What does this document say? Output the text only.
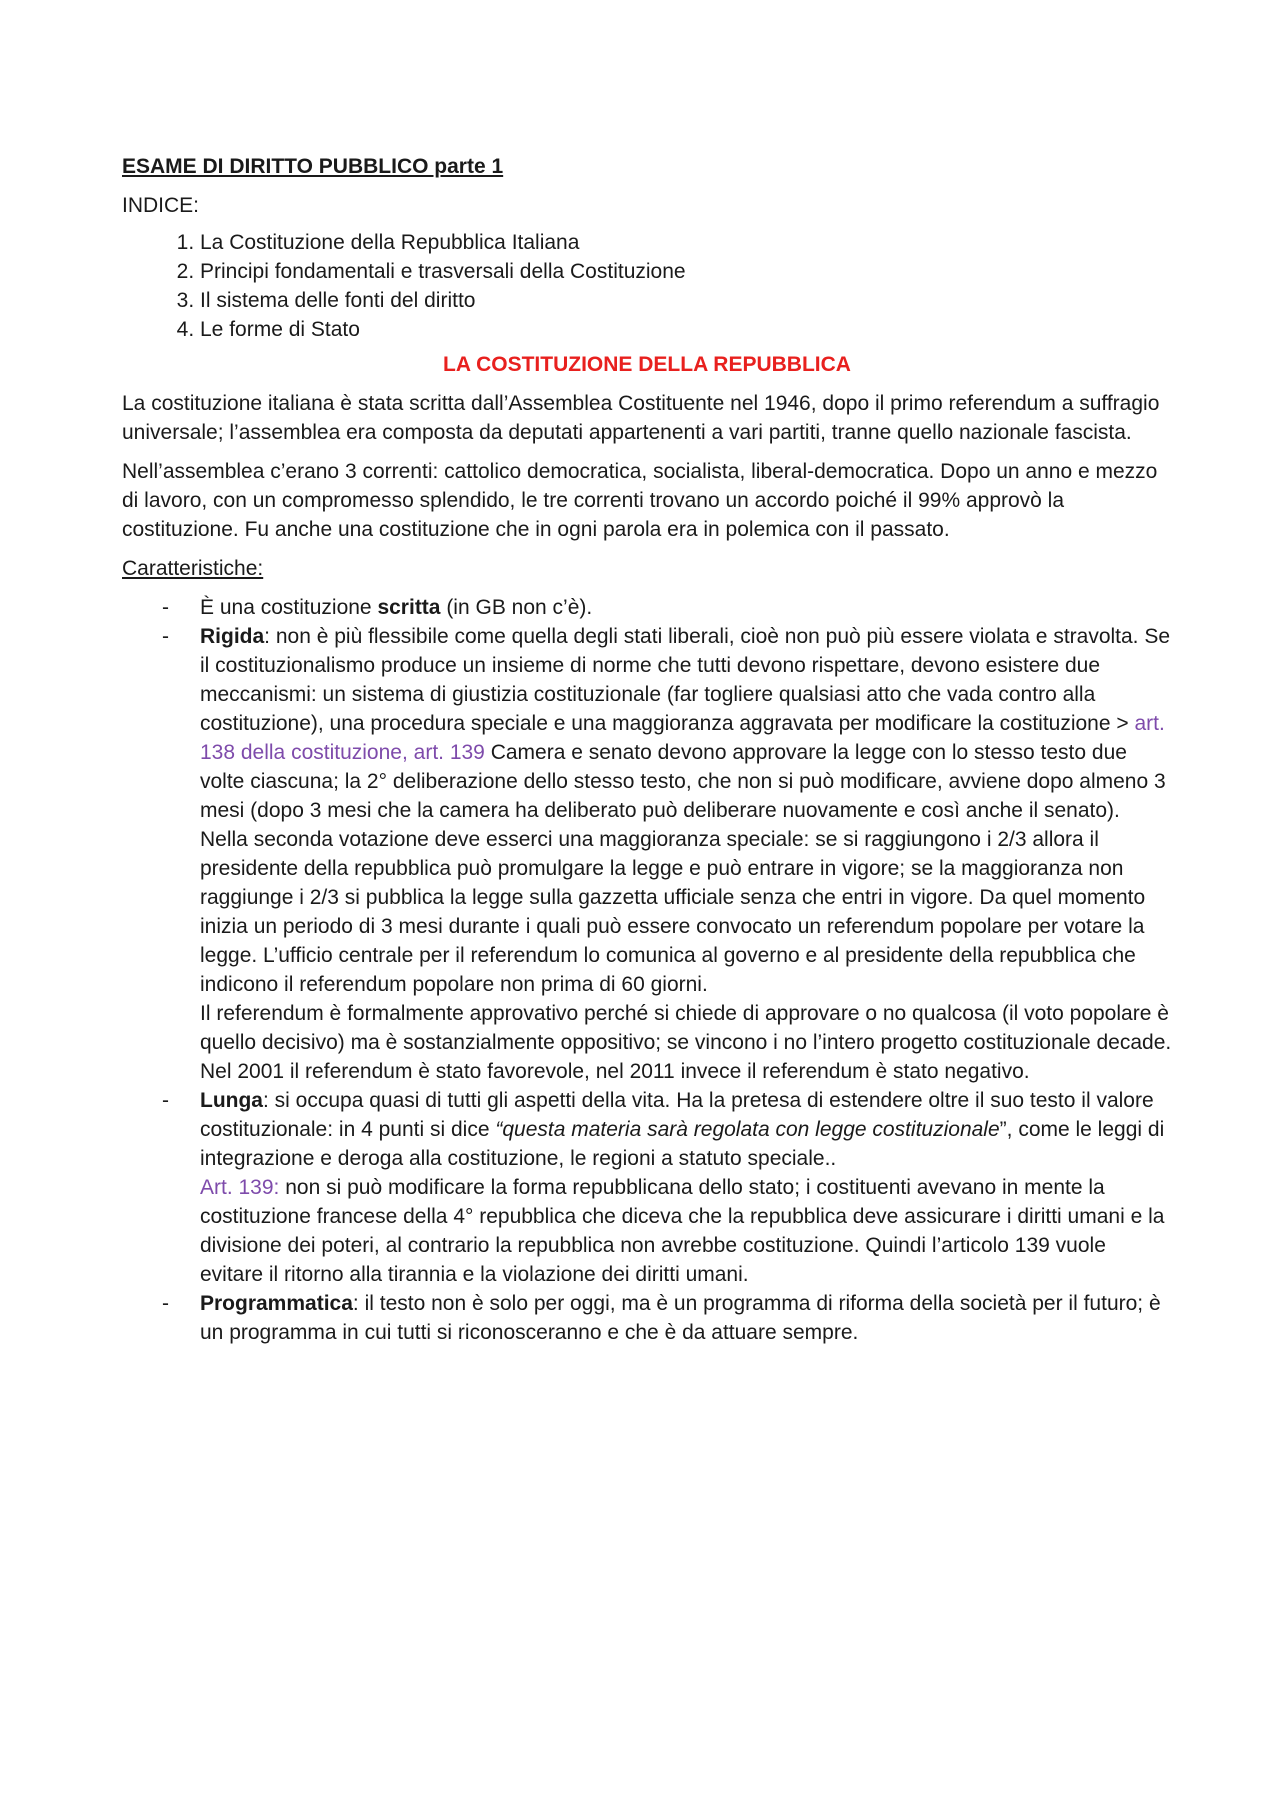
ESAME DI DIRITTO PUBBLICO parte 1
INDICE:
1. La Costituzione della Repubblica Italiana
2. Principi fondamentali e trasversali della Costituzione
3. Il sistema delle fonti del diritto
4. Le forme di Stato
LA COSTITUZIONE DELLA REPUBBLICA

La costituzione italiana è stata scritta dall’Assemblea Costituente nel 1946, dopo il primo referendum a suffragio universale; l’assemblea era composta da deputati appartenenti a vari partiti, tranne quello nazionale fascista.

Nell’assemblea c’erano 3 correnti: cattolico democratica, socialista, liberal-democratica. Dopo un anno e mezzo di lavoro, con un compromesso splendido, le tre correnti trovano un accordo poiché il 99% approvò la costituzione. Fu anche una costituzione che in ogni parola era in polemica con il passato.

Caratteristiche:

- È una costituzione scritta (in GB non c’è).
- Rigida: non è più flessibile come quella degli stati liberali, cioè non può più essere violata e stravolta. Se il costituzionalismo produce un insieme di norme che tutti devono rispettare, devono esistere due meccanismi: un sistema di giustizia costituzionale (far togliere qualsiasi atto che vada contro alla costituzione), una procedura speciale e una maggioranza aggravata per modificare la costituzione > art. 138 della costituzione, art. 139 Camera e senato devono approvare la legge con lo stesso testo due volte ciascuna; la 2° deliberazione dello stesso testo, che non si può modificare, avviene dopo almeno 3 mesi (dopo 3 mesi che la camera ha deliberato può deliberare nuovamente e così anche il senato).
Nella seconda votazione deve esserci una maggioranza speciale: se si raggiungono i 2/3 allora il presidente della repubblica può promulgare la legge e può entrare in vigore; se la maggioranza non raggiunge i 2/3 si pubblica la legge sulla gazzetta ufficiale senza che entri in vigore. Da quel momento inizia un periodo di 3 mesi durante i quali può essere convocato un referendum popolare per votare la legge. L’ufficio centrale per il referendum lo comunica al governo e al presidente della repubblica che indicono il referendum popolare non prima di 60 giorni.
Il referendum è formalmente approvativo perché si chiede di approvare o no qualcosa (il voto popolare è quello decisivo) ma è sostanzialmente oppositivo; se vincono i no l’intero progetto costituzionale decade.
Nel 2001 il referendum è stato favorevole, nel 2011 invece il referendum è stato negativo.
- Lunga: si occupa quasi di tutti gli aspetti della vita. Ha la pretesa di estendere oltre il suo testo il valore costituzionale: in 4 punti si dice “questa materia sarà regolata con legge costituzionale”, come le leggi di integrazione e deroga alla costituzione, le regioni a statuto speciale..
Art. 139: non si può modificare la forma repubblicana dello stato; i costituenti avevano in mente la costituzione francese della 4° repubblica che diceva che la repubblica deve assicurare i diritti umani e la divisione dei poteri, al contrario la repubblica non avrebbe costituzione. Quindi l’articolo 139 vuole evitare il ritorno alla tirannia e la violazione dei diritti umani.
- Programmatica: il testo non è solo per oggi, ma è un programma di riforma della società per il futuro; è un programma in cui tutti si riconosceranno e che è da attuare sempre.
